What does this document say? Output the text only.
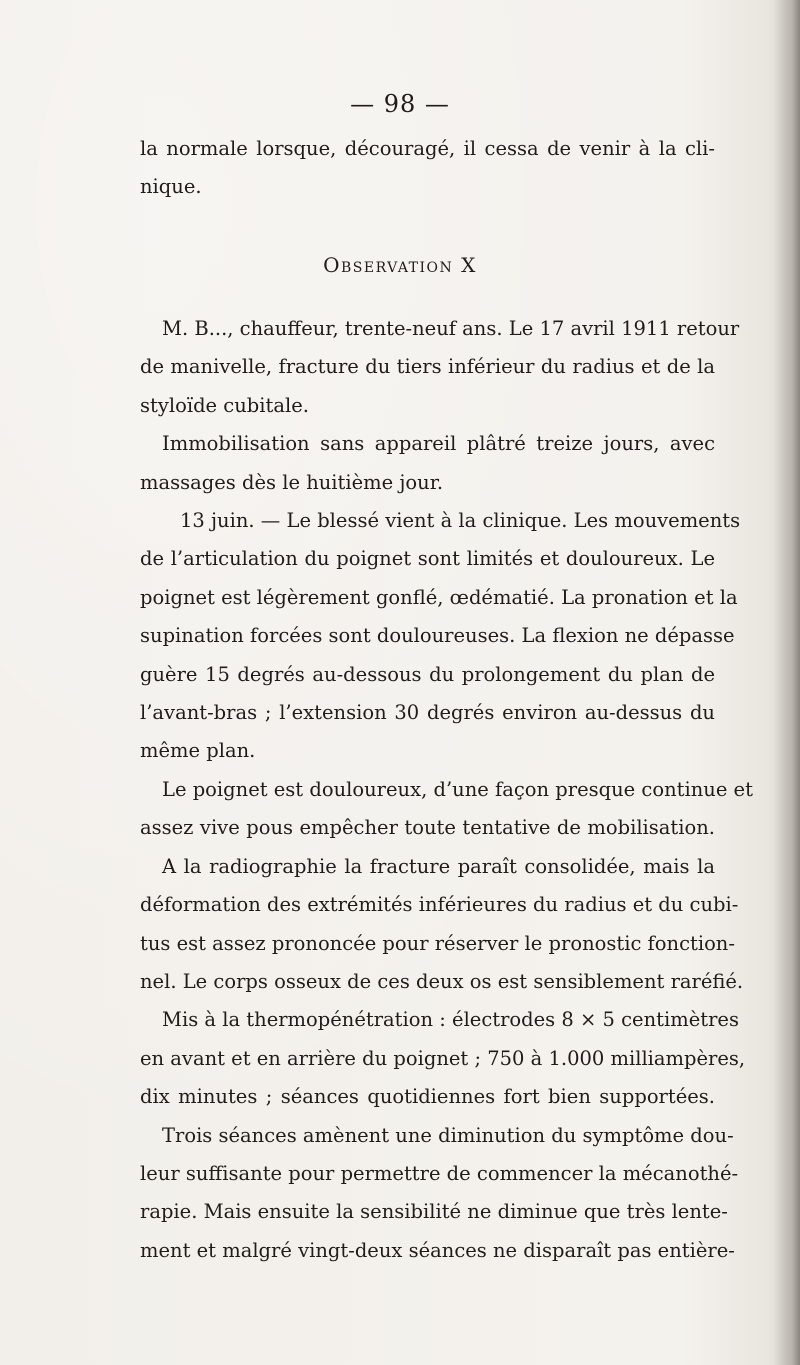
— 98 —
la normale lorsque, découragé, il cessa de venir à la cli-
nique.
Observation X
M. B..., chauffeur, trente-neuf ans. Le 17 avril 1911 retour
de manivelle, fracture du tiers inférieur du radius et de la
styloïde cubitale.
Immobilisation sans appareil plâtré treize jours, avec
massages dès le huitième jour.
13 juin. — Le blessé vient à la clinique. Les mouvements
de l’articulation du poignet sont limités et douloureux. Le
poignet est légèrement gonflé, œdématié. La pronation et la
supination forcées sont douloureuses. La flexion ne dépasse
guère 15 degrés au-dessous du prolongement du plan de
l’avant-bras ; l’extension 30 degrés environ au-dessus du
même plan.
Le poignet est douloureux, d’une façon presque continue et
assez vive pous empêcher toute tentative de mobilisation.
A la radiographie la fracture paraît consolidée, mais la
déformation des extrémités inférieures du radius et du cubi-
tus est assez prononcée pour réserver le pronostic fonction-
nel. Le corps osseux de ces deux os est sensiblement raréfié.
Mis à la thermopénétration : électrodes 8 × 5 centimètres
en avant et en arrière du poignet ; 750 à 1.000 milliampères,
dix minutes ; séances quotidiennes fort bien supportées.
Trois séances amènent une diminution du symptôme dou-
leur suffisante pour permettre de commencer la mécanothé-
rapie. Mais ensuite la sensibilité ne diminue que très lente-
ment et malgré vingt-deux séances ne disparaît pas entière-
